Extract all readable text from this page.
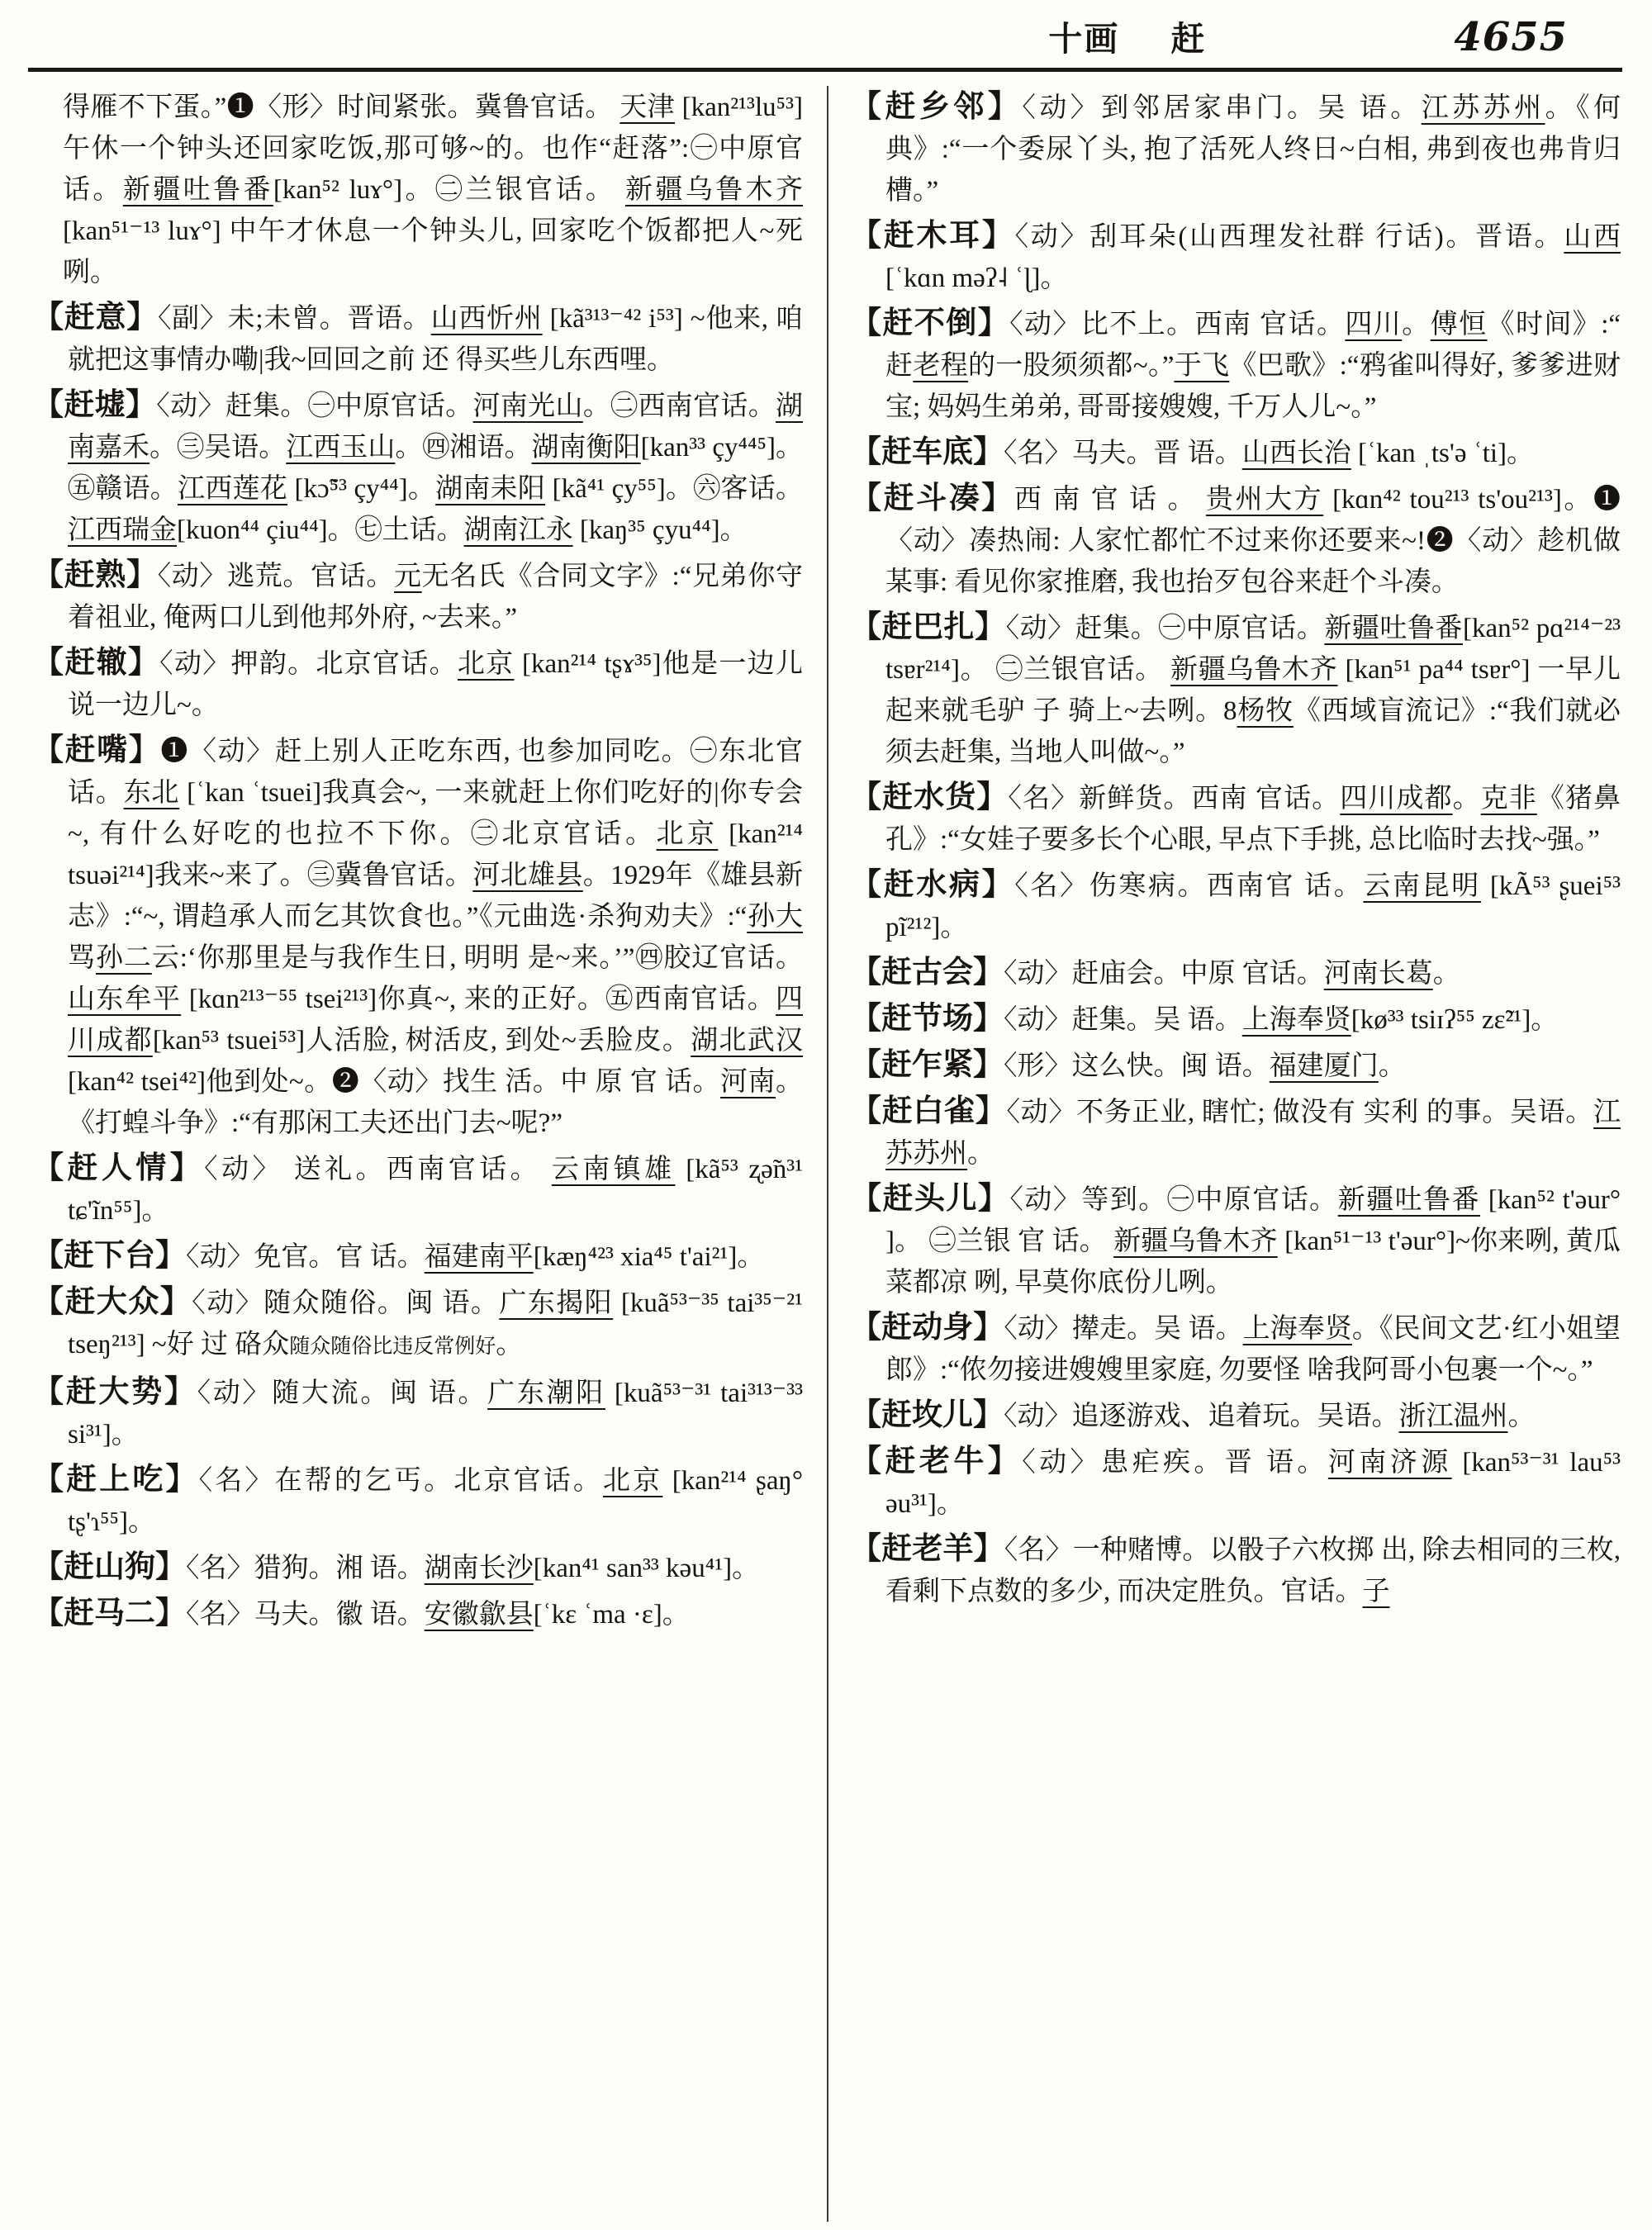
十画 赶	4655
得雁不下蛋。”❶〈形〉时间紧张。冀鲁官话。 天津 [kan²¹³lu⁵³]午休一个钟头还回家吃饭,那可够~的。也作“赶落”:㊀中原官话。新疆吐鲁番[kan⁵² luɤ°]。㊁兰银官话。 新疆乌鲁木齐[kan⁵¹⁻¹³ luɤ°] 中午才休息一个钟头儿, 回家吃个饭都把人~死咧。
【赶意】〈副〉未;未曾。晋语。山西忻州 [kã³¹³⁻⁴² i⁵³] ~他来, 咱就把这事情办嘞|我~回回之前 还 得买些儿东西哩。
【赶墟】〈动〉赶集。㊀中原官话。河南光山。㊁西南官话。湖南嘉禾。㊂吴语。江西玉山。㊃湘语。湖南衡阳[kan³³ çy⁴⁴⁵]。㊄赣语。江西莲花 [kɔ̃⁵³ çy⁴⁴]。湖南耒阳 [kã⁴¹ çy⁵⁵]。㊅客话。 江西瑞金[kuon⁴⁴ çiu⁴⁴]。㊆土话。湖南江永 [kaŋ³⁵ çyu⁴⁴]。
【赶熟】〈动〉逃荒。官话。元无名氏《合同文字》:“兄弟你守着祖业, 俺两口儿到他邦外府, ~去来。”
【赶辙】〈动〉押韵。北京官话。北京 [kan²¹⁴ tʂɤ³⁵]他是一边儿说一边儿~。
【赶嘴】❶〈动〉赶上别人正吃东西, 也参加同吃。㊀东北官话。东北 [ʿkan ʿtsuei]我真会~, 一来就赶上你们吃好的|你专会~, 有什么好吃的也拉不下你。㊁北京官话。北京 [kan²¹⁴ tsuəi²¹⁴]我来~来了。㊂冀鲁官话。河北雄县。1929年《雄县新志》:“~, 谓趋承人而乞其饮食也。”《元曲选·杀狗劝夫》:“孙大骂孙二云:‘你那里是与我作生日, 明明 是~来。’”㊃胶辽官话。山东牟平 [kɑn²¹³⁻⁵⁵ tsei²¹³]你真~, 来的正好。㊄西南官话。四川成都[kan⁵³ tsuei⁵³]人活脸, 树活皮, 到处~丢脸皮。湖北武汉 [kan⁴² tsei⁴²]他到处~。❷〈动〉找生 活。中 原 官 话。河南。《打蝗斗争》:“有那闲工夫还出门去~呢?”
【赶人情】〈动〉 送礼。西南官话。 云南镇雄 [kã⁵³ ʐə̃n³¹ tɕ'ĩn⁵⁵]。
【赶下台】〈动〉免官。官 话。福建南平[kæŋ⁴²³ xia⁴⁵ t'ai²¹]。
【赶大众】〈动〉随众随俗。闽 语。广东揭阳 [kuã⁵³⁻³⁵ tai³⁵⁻²¹ tseŋ²¹³] ~好 过 硌众随众随俗比违反常例好。
【赶大势】〈动〉随大流。闽 语。广东潮阳 [kuã⁵³⁻³¹ tai³¹³⁻³³ si³¹]。
【赶上吃】〈名〉在帮的乞丐。北京官话。北京 [kan²¹⁴ ʂaŋ° tʂ'ɿ⁵⁵]。
【赶山狗】〈名〉猎狗。湘 语。湖南长沙[kan⁴¹ san³³ kəu⁴¹]。
【赶马二】〈名〉马夫。徽 语。安徽歙县[ʿkɛ ʿma ·ɛ]。
【赶乡邻】〈动〉到邻居家串门。吴 语。江苏苏州。《何典》:“一个委尿丫头, 抱了活死人终日~白相, 弗到夜也弗肯归槽。”
【赶木耳】〈动〉刮耳朵(山西理发社群 行话)。晋语。山西 [ʿkɑn məʔ˨ ʿɭ]。
【赶不倒】〈动〉比不上。西南 官话。四川。傅恒《时间》:“ 赶老程的一股须须都~。”于飞《巴歌》:“鸦雀叫得好, 爹爹进财宝; 妈妈生弟弟, 哥哥接嫂嫂, 千万人儿~。”
【赶车底】〈名〉马夫。晋 语。山西长治 [ʿkan ˌts'ə ʿti]。
【赶斗凑】西 南 官 话 。 贵州大方 [kɑn⁴² tou²¹³ ts'ou²¹³]。❶〈动〉凑热闹: 人家忙都忙不过来你还要来~!❷〈动〉趁机做某事: 看见你家推磨, 我也抬歹包谷来赶个斗凑。
【赶巴扎】〈动〉赶集。㊀中原官话。新疆吐鲁番[kan⁵² pɑ²¹⁴⁻²³ tsɐr²¹⁴]。 ㊁兰银官话。 新疆乌鲁木齐 [kan⁵¹ pa⁴⁴ tsɐr°] 一早儿起来就毛驴 子 骑上~去咧。8杨牧《西域盲流记》:“我们就必须去赶集, 当地人叫做~。”
【赶水货】〈名〉新鲜货。西南 官话。四川成都。克非《猪鼻孔》:“女娃子要多长个心眼, 早点下手挑, 总比临时去找~强。”
【赶水病】〈名〉伤寒病。西南官 话。云南昆明 [kÃ⁵³ ʂuei⁵³ pĩ²¹²]。
【赶古会】〈动〉赶庙会。中原 官话。河南长葛。
【赶节场】〈动〉赶集。吴 语。上海奉贤[kø³³ tsiɪʔ⁵⁵ zɛ̃²¹]。
【赶乍紧】〈形〉这么快。闽 语。福建厦门。
【赶白雀】〈动〉不务正业, 瞎忙; 做没有 实利 的事。吴语。江苏苏州。
【赶头儿】〈动〉等到。㊀中原官话。新疆吐鲁番 [kan⁵² t'əur° ]。 ㊁兰银 官 话。 新疆乌鲁木齐 [kan⁵¹⁻¹³ t'əur°]~你来咧, 黄瓜菜都凉 咧, 早莫你底份儿咧。
【赶动身】〈动〉撵走。吴 语。上海奉贤。《民间文艺·红小姐望郎》:“侬勿接进嫂嫂里家庭, 勿要怪 啥我阿哥小包裹一个~。”
【赶坆儿】〈动〉追逐游戏、追着玩。吴语。浙江温州。
【赶老牛】〈动〉患疟疾。晋 语。河南济源 [kan⁵³⁻³¹ lau⁵³ əu³¹]。
【赶老羊】〈名〉一种赌博。以骰子六枚掷 出, 除去相同的三枚, 看剩下点数的多少, 而决定胜负。官话。子
